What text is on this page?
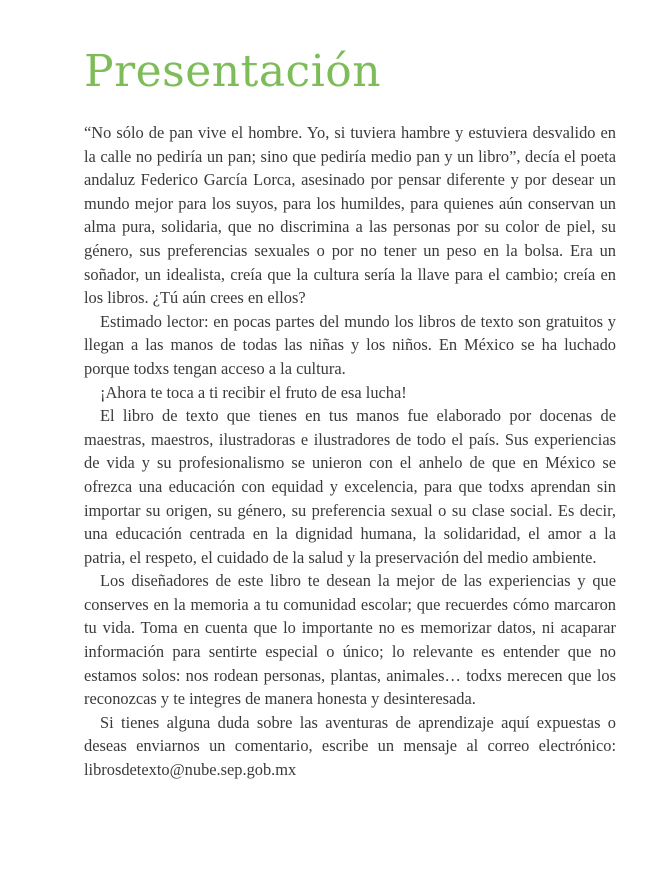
Presentación

“No sólo de pan vive el hombre. Yo, si tuviera hambre y estuviera desvalido en la calle no pediría un pan; sino que pediría medio pan y un libro”, decía el poeta andaluz Federico García Lorca, asesinado por pensar diferente y por desear un mundo mejor para los suyos, para los humildes, para quienes aún conservan un alma pura, solidaria, que no discrimina a las personas por su color de piel, su género, sus preferencias sexuales o por no tener un peso en la bolsa. Era un soñador, un idealista, creía que la cultura sería la llave para el cambio; creía en los libros. ¿Tú aún crees en ellos?

Estimado lector: en pocas partes del mundo los libros de texto son gratuitos y llegan a las manos de todas las niñas y los niños. En México se ha luchado porque todxs tengan acceso a la cultura.

¡Ahora te toca a ti recibir el fruto de esa lucha!

El libro de texto que tienes en tus manos fue elaborado por docenas de maestras, maestros, ilustradoras e ilustradores de todo el país. Sus experiencias de vida y su profesionalismo se unieron con el anhelo de que en México se ofrezca una educación con equidad y excelencia, para que todxs aprendan sin importar su origen, su género, su preferencia sexual o su clase social. Es decir, una educación centrada en la dignidad humana, la solidaridad, el amor a la patria, el respeto, el cuidado de la salud y la preservación del medio ambiente.

Los diseñadores de este libro te desean la mejor de las experiencias y que conserves en la memoria a tu comunidad escolar; que recuerdes cómo marcaron tu vida. Toma en cuenta que lo importante no es memorizar datos, ni acaparar información para sentirte especial o único; lo relevante es entender que no estamos solos: nos rodean personas, plantas, animales… todxs merecen que los reconozcas y te integres de manera honesta y desinteresada.

Si tienes alguna duda sobre las aventuras de aprendizaje aquí expuestas o deseas enviarnos un comentario, escribe un mensaje al correo electrónico: librosdetexto@nube.sep.gob.mx
